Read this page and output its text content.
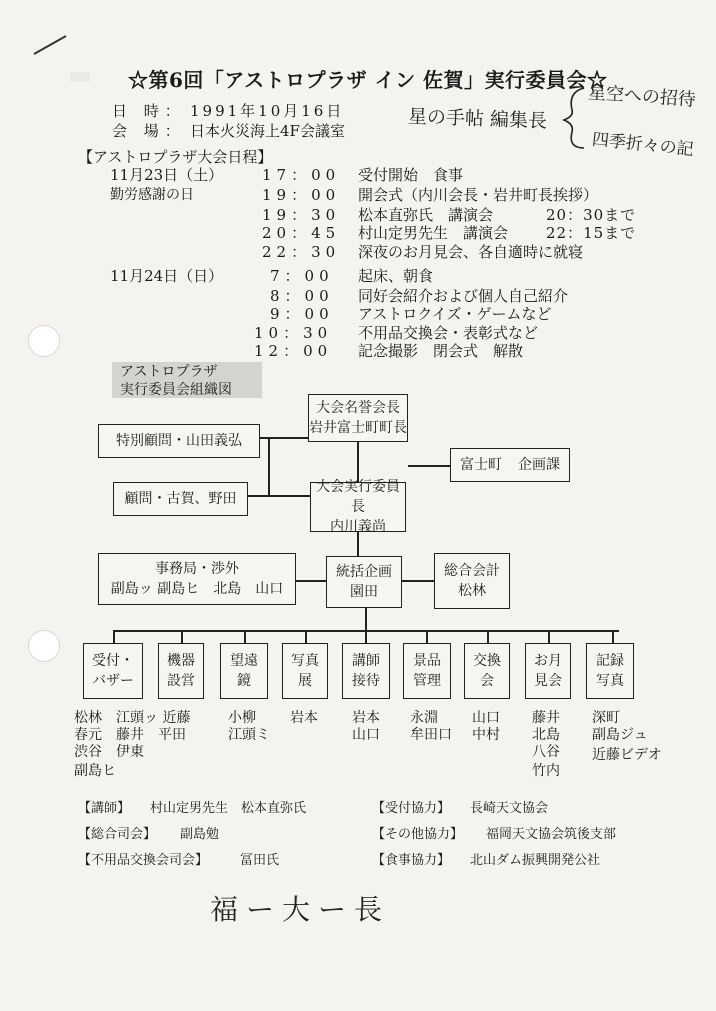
☆第6回「アストロプラザ イン 佐賀」実行委員会☆
日 時： 1991年10月16日
会 場： 日本火災海上4F会議室	星の手帖 編集長
星空への招待
四季折々の記
【アストロプラザ大会日程】
11月23日（土）
勤労感謝の日
17：00 受付開始　食事
19：00 開会式（内川会長・岩井町長挨拶）
19：30 松本直弥氏　講演会	20：30まで
20：45 村山定男先生　講演会	22：15まで
22：30 深夜のお月見会、各自適時に就寝
11月24日（日）	7：00 起床、朝食
8：00 同好会紹介および個人自己紹介
9：00 アストロクイズ・ゲームなど
10：30 不用品交換会・表彰式など
12：00 記念撮影　閉会式　解散
アストロプラザ
実行委員会組織図
大会名誉会長
岩井富士町町長
特別顧問・山田義弘
富士町 企画課
顧問・古賀、野田
大会実行委員長
内川義尚
事務局・渉外
副島ッ 副島ヒ　北島　山口
統括企画
園田
総合会計
松林
受付・
バザー
機器
設営
望遠
鏡
写真
展
講師
接待
景品
管理
交換
会
お月
見会
記録
写真
松林　江頭ッ 近藤
春元　藤井　平田
渋谷　伊東
副島ヒ
小柳
江頭ミ
岩本 岩本
山口
永淵
牟田口
山口
中村
藤井
北島
八谷
竹内
深町
副島ジュ
近藤ビデオ
【講師】 村山定男先生　松本直弥氏	【受付協力】 長崎天文協会
【総合司会】 副島勉	【その他協力】 福岡天文協会筑後支部
【不用品交換会司会】 冨田氏	【食事協力】 北山ダム振興開発公社
福ー大ー長
